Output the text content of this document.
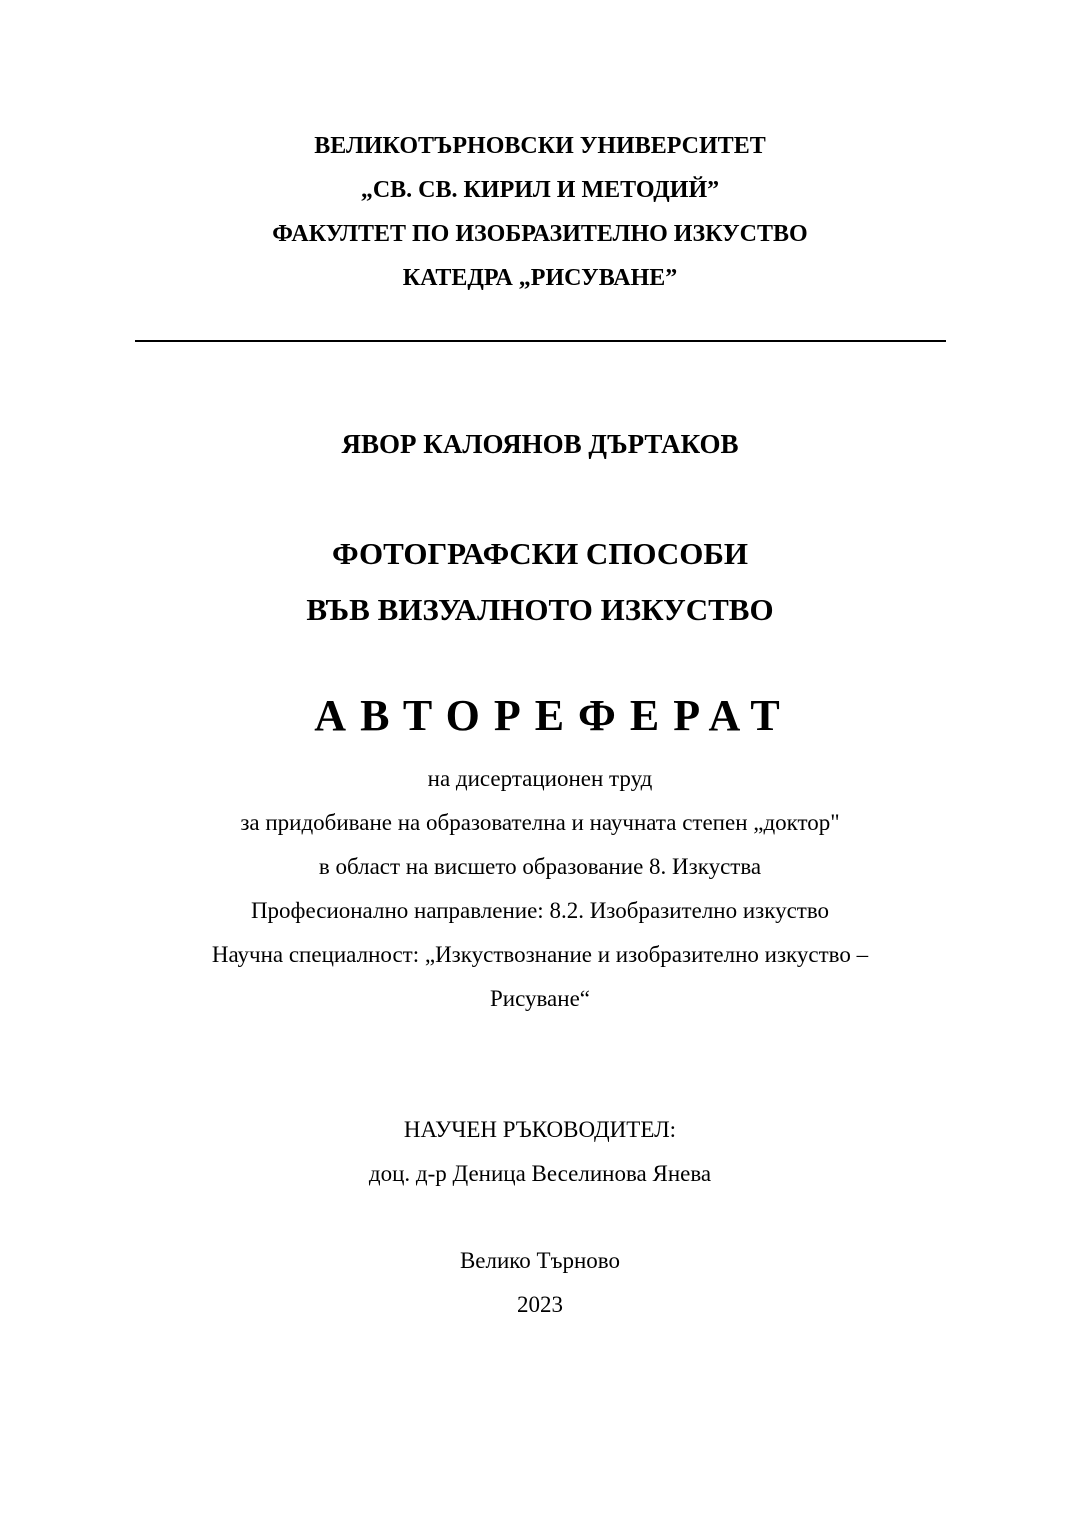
ВЕЛИКОТЪРНОВСКИ УНИВЕРСИТЕТ
„СВ. СВ. КИРИЛ И МЕТОДИЙ”
ФАКУЛТЕТ ПО ИЗОБРАЗИТЕЛНО ИЗКУСТВО
КАТЕДРА „РИСУВАНЕ”
ЯВОР КАЛОЯНОВ ДЪРТАКОВ
ФОТОГРАФСКИ СПОСОБИ
ВЪВ ВИЗУАЛНОТО ИЗКУСТВО
АВТОРЕФЕРАТ
на дисертационен труд
за придобиване на образователна и научната степен „доктор"
в област на висшето образование 8. Изкуства
Професионално направление: 8.2. Изобразително изкуство
Научна специалност: „Изкуствознание и изобразително изкуство –
Рисуване“
НАУЧЕН РЪКОВОДИТЕЛ:
доц. д-р Деница Веселинова Янева
Велико Търново
2023
